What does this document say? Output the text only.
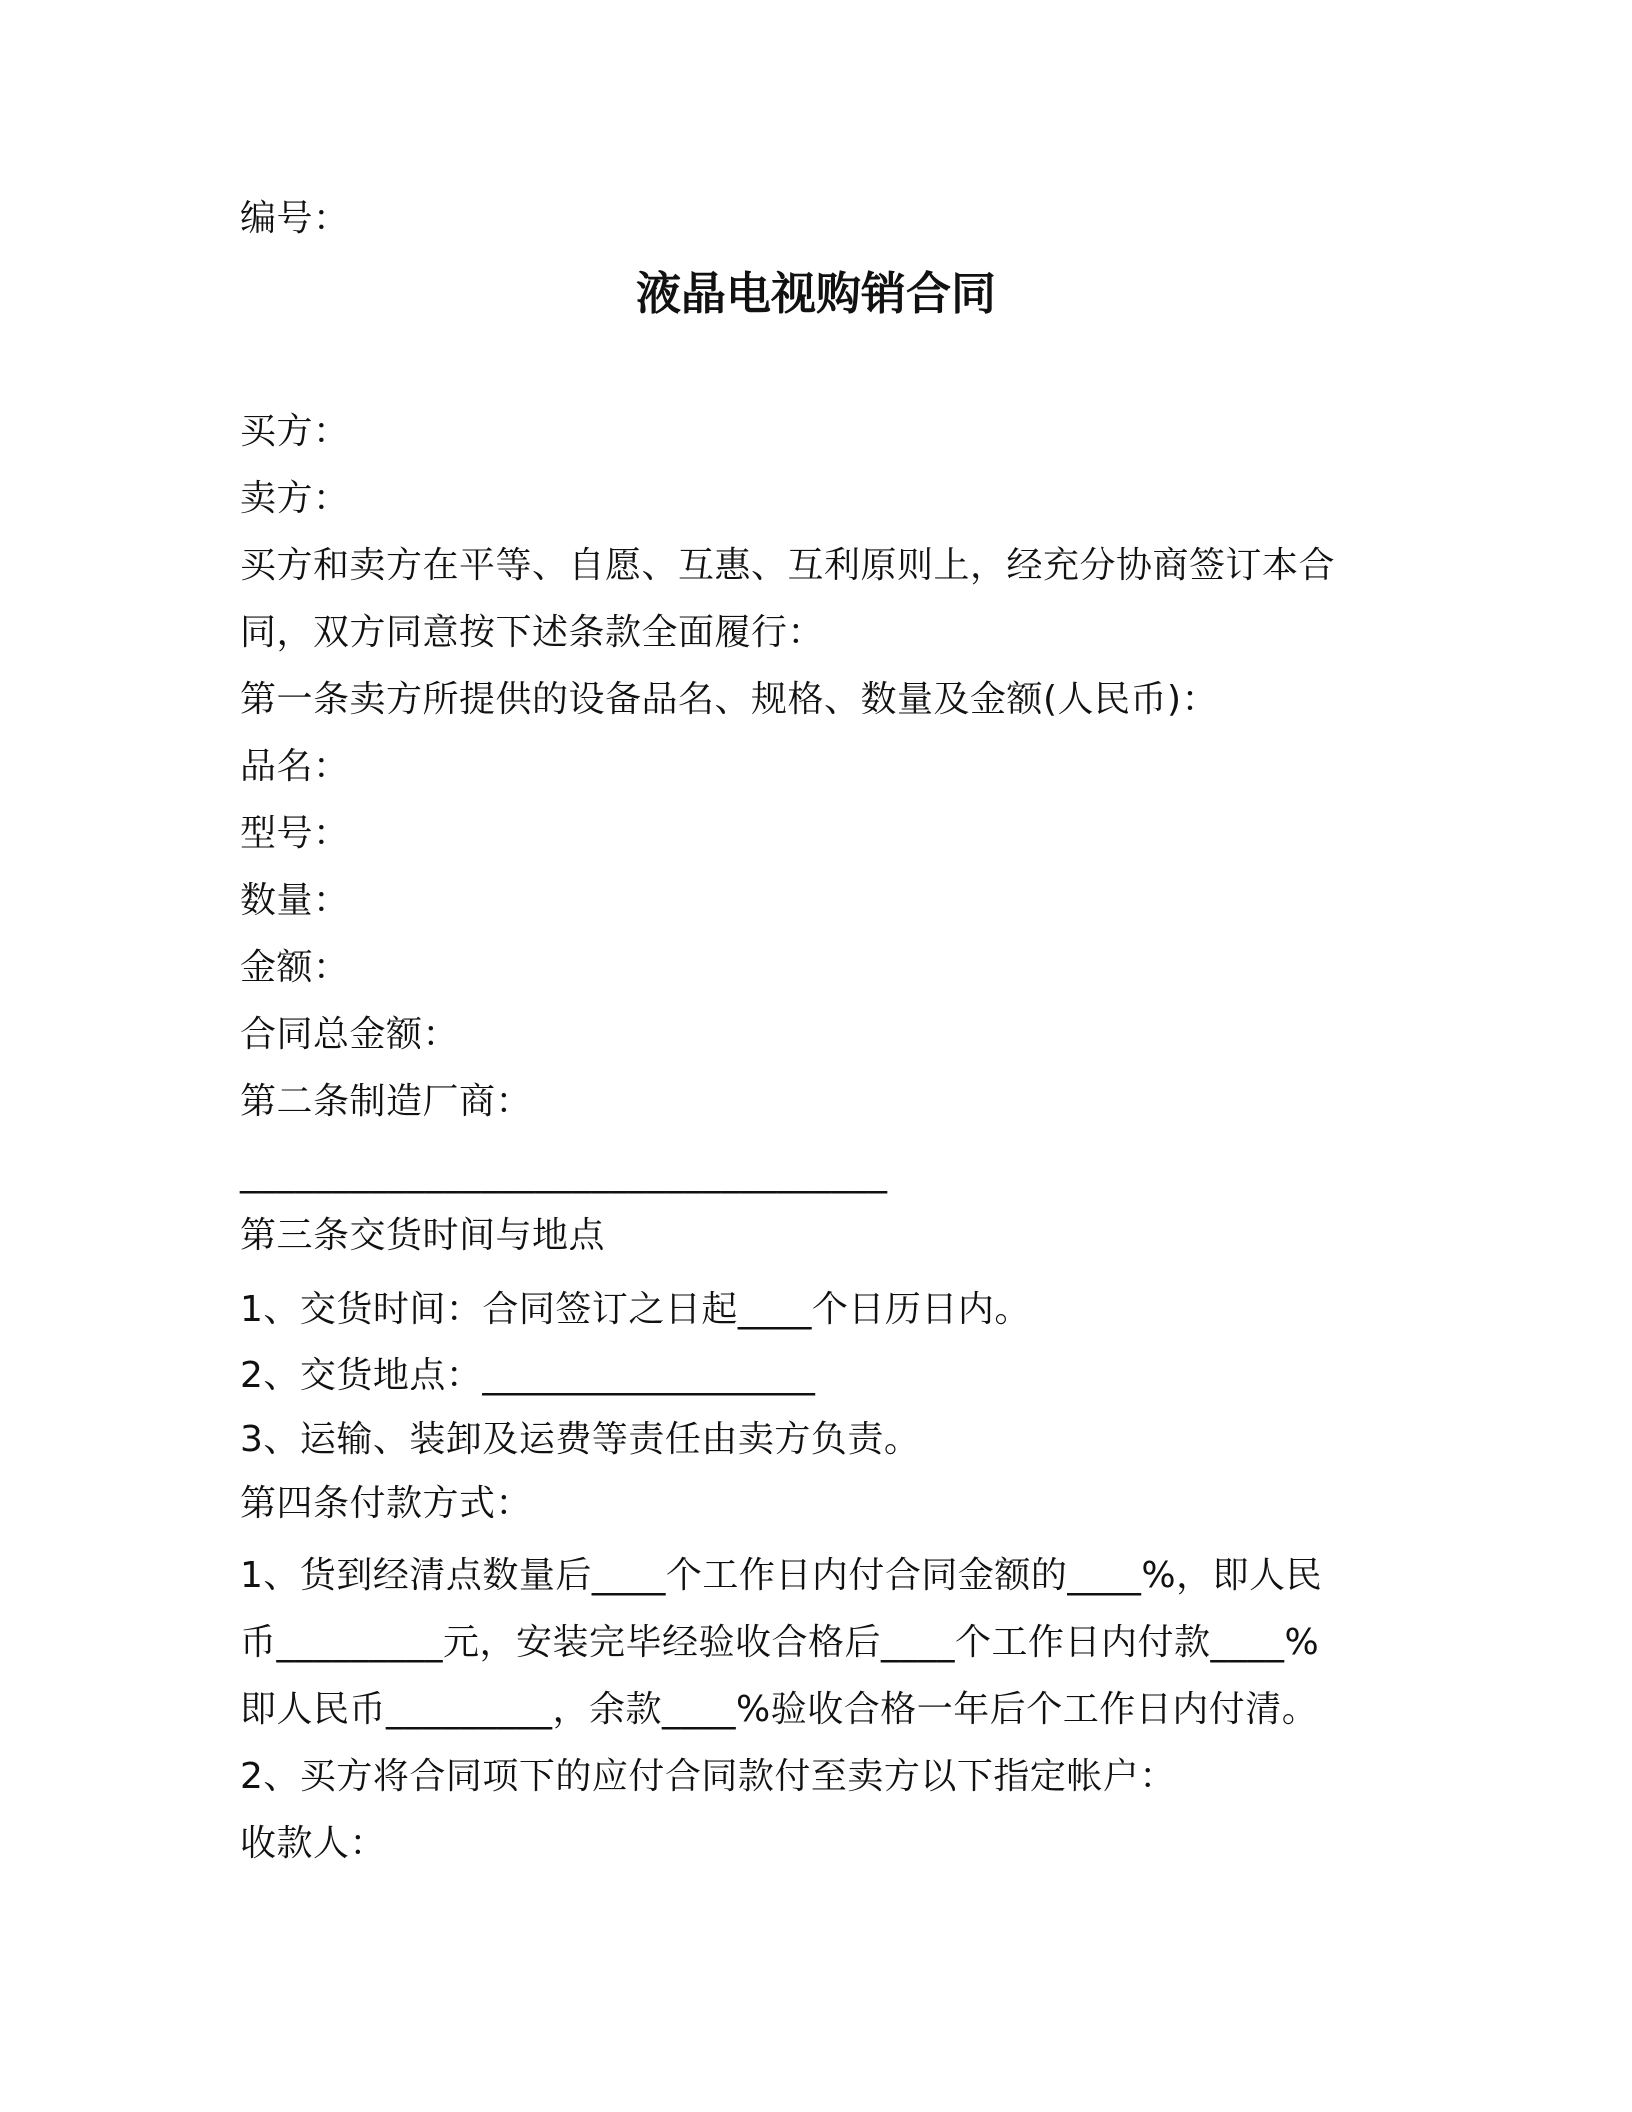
编号：
液晶电视购销合同
买方：
卖方：
买方和卖方在平等、自愿、互惠、互利原则上，经充分协商签订本合
同，双方同意按下述条款全面履行：
第一条卖方所提供的设备品名、规格、数量及金额(人民币)：
品名：
型号：
数量：
金额：
合同总金额：
第二条制造厂商：
___________________________________
第三条交货时间与地点
1、交货时间：合同签订之日起____个日历日内。
2、交货地点：__________________
3、运输、装卸及运费等责任由卖方负责。
第四条付款方式：
1、货到经清点数量后____个工作日内付合同金额的____%，即人民
币_________元，安装完毕经验收合格后____个工作日内付款____%
即人民币_________，余款____%验收合格一年后个工作日内付清。
2、买方将合同项下的应付合同款付至卖方以下指定帐户：
收款人：
